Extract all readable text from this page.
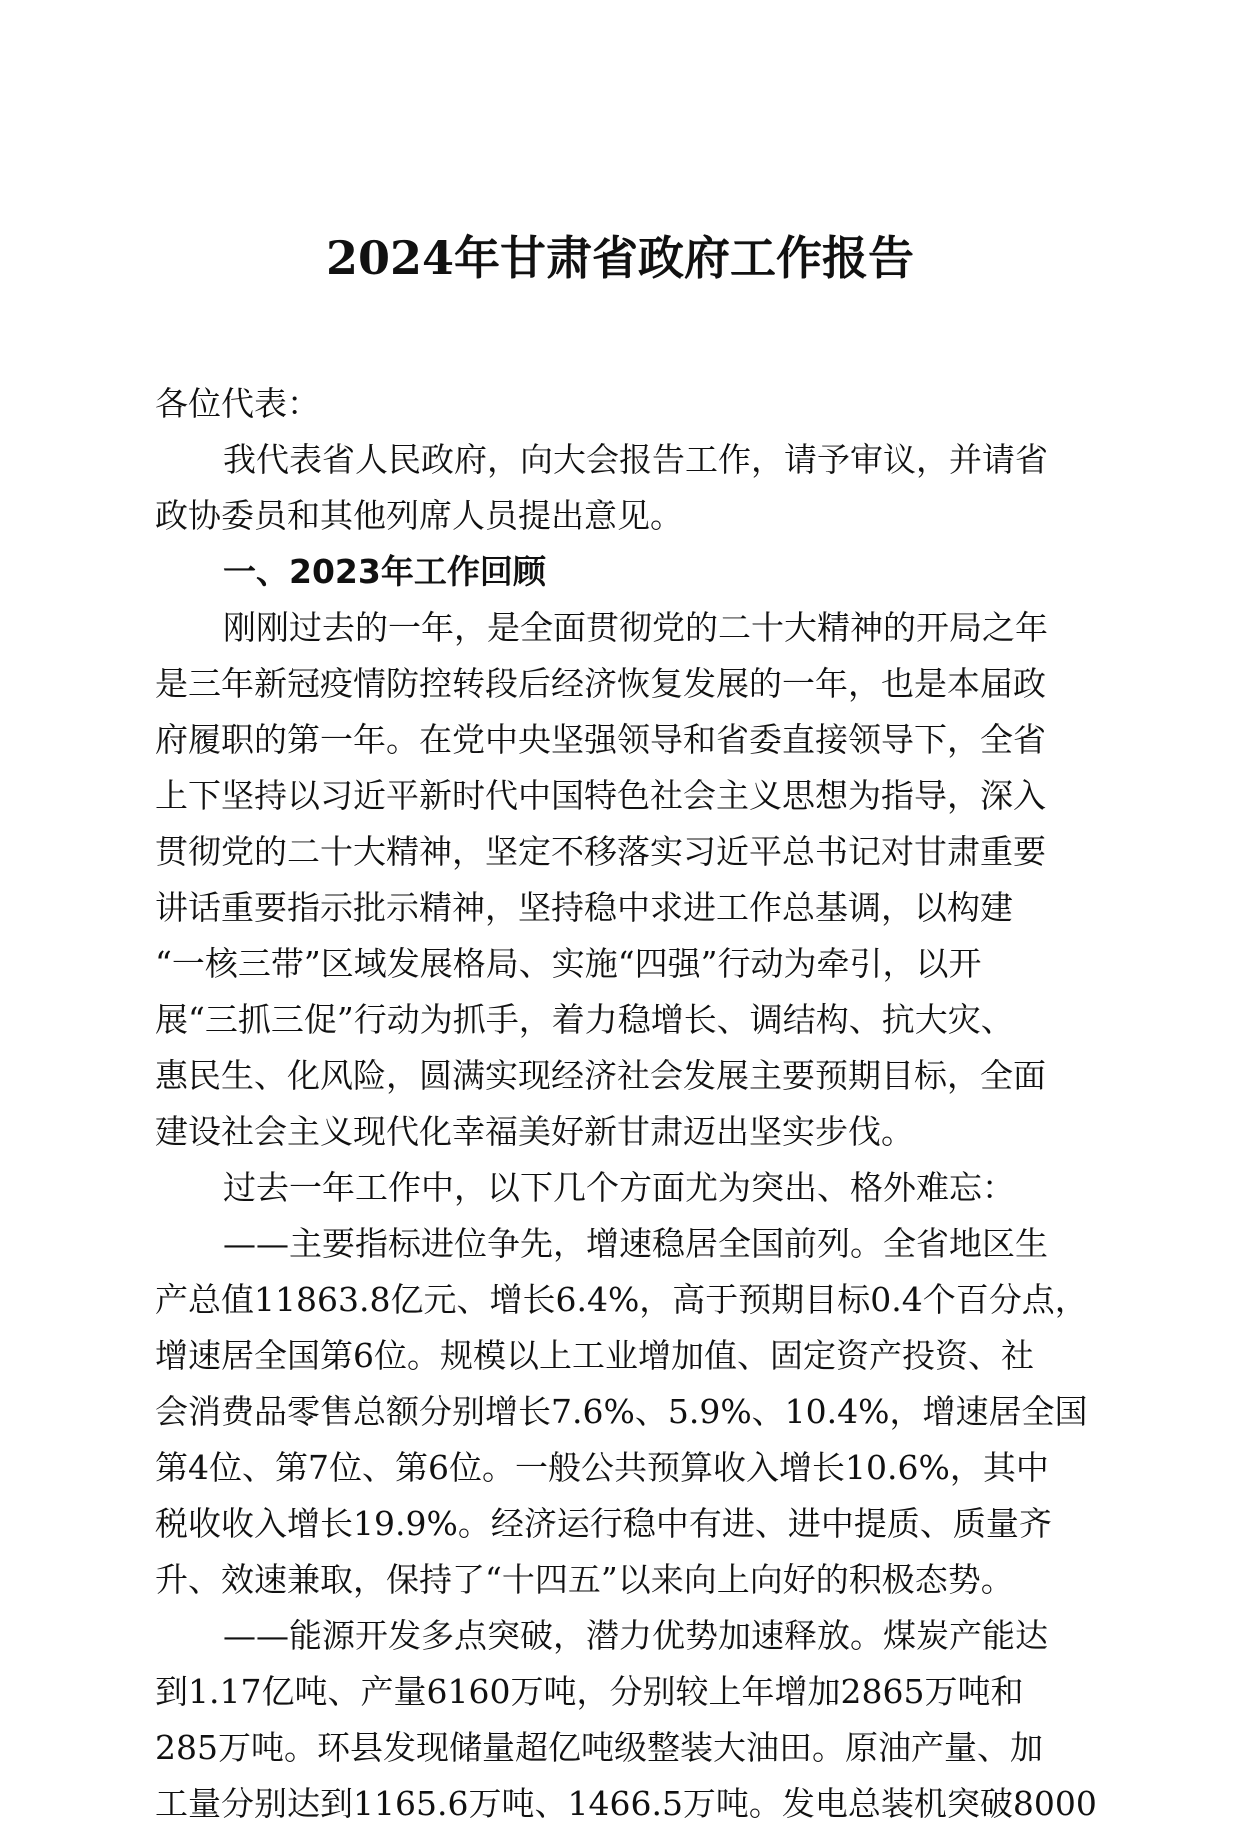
2024年甘肃省政府工作报告

各位代表：

我代表省人民政府，向大会报告工作，请予审议，并请省

政协委员和其他列席人员提出意见。

一、2023年工作回顾

刚刚过去的一年，是全面贯彻党的二十大精神的开局之年

是三年新冠疫情防控转段后经济恢复发展的一年，也是本届政

府履职的第一年。在党中央坚强领导和省委直接领导下，全省

上下坚持以习近平新时代中国特色社会主义思想为指导，深入

贯彻党的二十大精神，坚定不移落实习近平总书记对甘肃重要

讲话重要指示批示精神，坚持稳中求进工作总基调，以构建

“一核三带”区域发展格局、实施“四强”行动为牵引，以开

展“三抓三促”行动为抓手，着力稳增长、调结构、抗大灾、

惠民生、化风险，圆满实现经济社会发展主要预期目标，全面

建设社会主义现代化幸福美好新甘肃迈出坚实步伐。

过去一年工作中，以下几个方面尤为突出、格外难忘：

——主要指标进位争先，增速稳居全国前列。全省地区生

产总值11863.8亿元、增长6.4%，高于预期目标0.4个百分点，

增速居全国第6位。规模以上工业增加值、固定资产投资、社

会消费品零售总额分别增长7.6%、5.9%、10.4%，增速居全国

第4位、第7位、第6位。一般公共预算收入增长10.6%，其中

税收收入增长19.9%。经济运行稳中有进、进中提质、质量齐

升、效速兼取，保持了“十四五”以来向上向好的积极态势。

——能源开发多点突破，潜力优势加速释放。煤炭产能达

到1.17亿吨、产量6160万吨，分别较上年增加2865万吨和

285万吨。环县发现储量超亿吨级整装大油田。原油产量、加

工量分别达到1165.6万吨、1466.5万吨。发电总装机突破8000
